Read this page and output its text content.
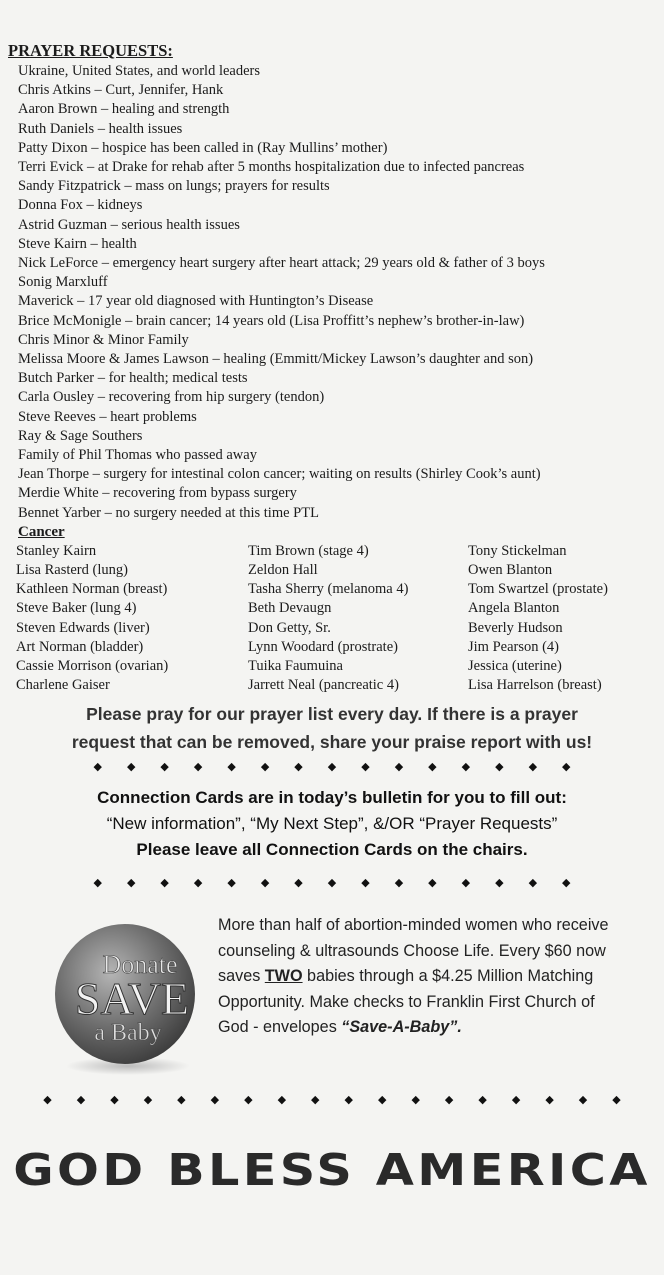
PRAYER REQUESTS:
Ukraine, United States, and world leaders
Chris Atkins – Curt, Jennifer, Hank
Aaron Brown – healing and strength
Ruth Daniels – health issues
Patty Dixon – hospice has been called in (Ray Mullins’ mother)
Terri Evick – at Drake for rehab after 5 months hospitalization due to infected pancreas
Sandy Fitzpatrick – mass on lungs; prayers for results
Donna Fox – kidneys
Astrid Guzman – serious health issues
Steve Kairn – health
Nick LeForce – emergency heart surgery after heart attack; 29 years old & father of 3 boys
Sonig Marxluff
Maverick – 17 year old diagnosed with Huntington’s Disease
Brice McMonigle – brain cancer; 14 years old (Lisa Proffitt’s nephew’s brother-in-law)
Chris Minor & Minor Family
Melissa Moore & James Lawson – healing (Emmitt/Mickey Lawson’s daughter and son)
Butch Parker – for health; medical tests
Carla Ousley – recovering from hip surgery (tendon)
Steve Reeves – heart problems
Ray & Sage Southers
Family of Phil Thomas who passed away
Jean Thorpe – surgery for intestinal colon cancer; waiting on results (Shirley Cook’s aunt)
Merdie White – recovering from bypass surgery
Bennet Yarber – no surgery needed at this time PTL
Cancer
Stanley Kairn
Lisa Rasterd (lung)
Kathleen Norman (breast)
Steve Baker (lung 4)
Steven Edwards (liver)
Art Norman (bladder)
Cassie Morrison (ovarian)
Charlene Gaiser
Tim Brown (stage 4)
Zeldon Hall
Tasha Sherry (melanoma 4)
Beth Devaugn
Don Getty, Sr.
Lynn Woodard (prostrate)
Tuika Faumuina
Jarrett Neal (pancreatic 4)
Tony Stickelman
Owen Blanton
Tom Swartzel (prostate)
Angela Blanton
Beverly Hudson
Jim Pearson (4)
Jessica (uterine)
Lisa Harrelson (breast)
Please pray for our prayer list every day. If there is a prayer
request that can be removed, share your praise report with us!
◆ ◆ ◆ ◆ ◆ ◆ ◆ ◆ ◆ ◆ ◆ ◆ ◆ ◆ ◆
Connection Cards are in today’s bulletin for you to fill out:
“New information”, “My Next Step”, &/OR “Prayer Requests”
Please leave all Connection Cards on the chairs.
◆ ◆ ◆ ◆ ◆ ◆ ◆ ◆ ◆ ◆ ◆ ◆ ◆ ◆ ◆
Donate
SAVE
a Baby
More than half of abortion-minded women who receive counseling & ultrasounds Choose Life. Every $60 now saves TWO babies through a $4.25 Million Matching Opportunity. Make checks to Franklin First Church of God - envelopes “Save-A-Baby”.
◆ ◆ ◆ ◆ ◆ ◆ ◆ ◆ ◆ ◆ ◆ ◆ ◆ ◆ ◆ ◆ ◆ ◆
GOD BLESS AMERICA
